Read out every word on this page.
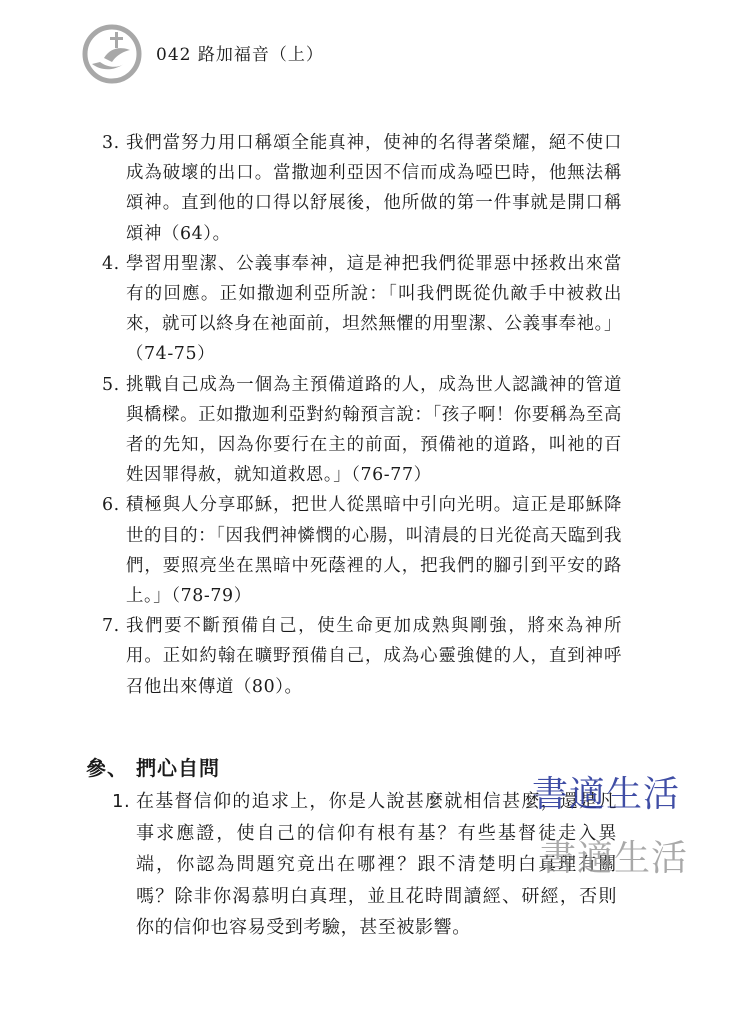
042 路加福音（上）
3. 我們當努力用口稱頌全能真神，使神的名得著榮耀，絕不使口成為破壞的出口。當撒迦利亞因不信而成為啞巴時，他無法稱頌神。直到他的口得以舒展後，他所做的第一件事就是開口稱頌神（64）。
4. 學習用聖潔、公義事奉神，這是神把我們從罪惡中拯救出來當有的回應。正如撒迦利亞所說：「叫我們既從仇敵手中被救出來，就可以終身在祂面前，坦然無懼的用聖潔、公義事奉祂。」（74-75）
5. 挑戰自己成為一個為主預備道路的人，成為世人認識神的管道與橋樑。正如撒迦利亞對約翰預言說：「孩子啊！你要稱為至高者的先知，因為你要行在主的前面，預備祂的道路，叫祂的百姓因罪得赦，就知道救恩。」（76-77）
6. 積極與人分享耶穌，把世人從黑暗中引向光明。這正是耶穌降世的目的：「因我們神憐憫的心腸，叫清晨的日光從高天臨到我們，要照亮坐在黑暗中死蔭裡的人，把我們的腳引到平安的路上。」（78-79）
7. 我們要不斷預備自己，使生命更加成熟與剛強，將來為神所用。正如約翰在曠野預備自己，成為心靈強健的人，直到神呼召他出來傳道（80）。
參、 捫心自問
1. 在基督信仰的追求上，你是人說甚麼就相信甚麼，還是凡事求應證，使自己的信仰有根有基？有些基督徒走入異端，你認為問題究竟出在哪裡？跟不清楚明白真理有關嗎？除非你渴慕明白真理，並且花時間讀經、研經，否則你的信仰也容易受到考驗，甚至被影響。
書適生活
書適生活
